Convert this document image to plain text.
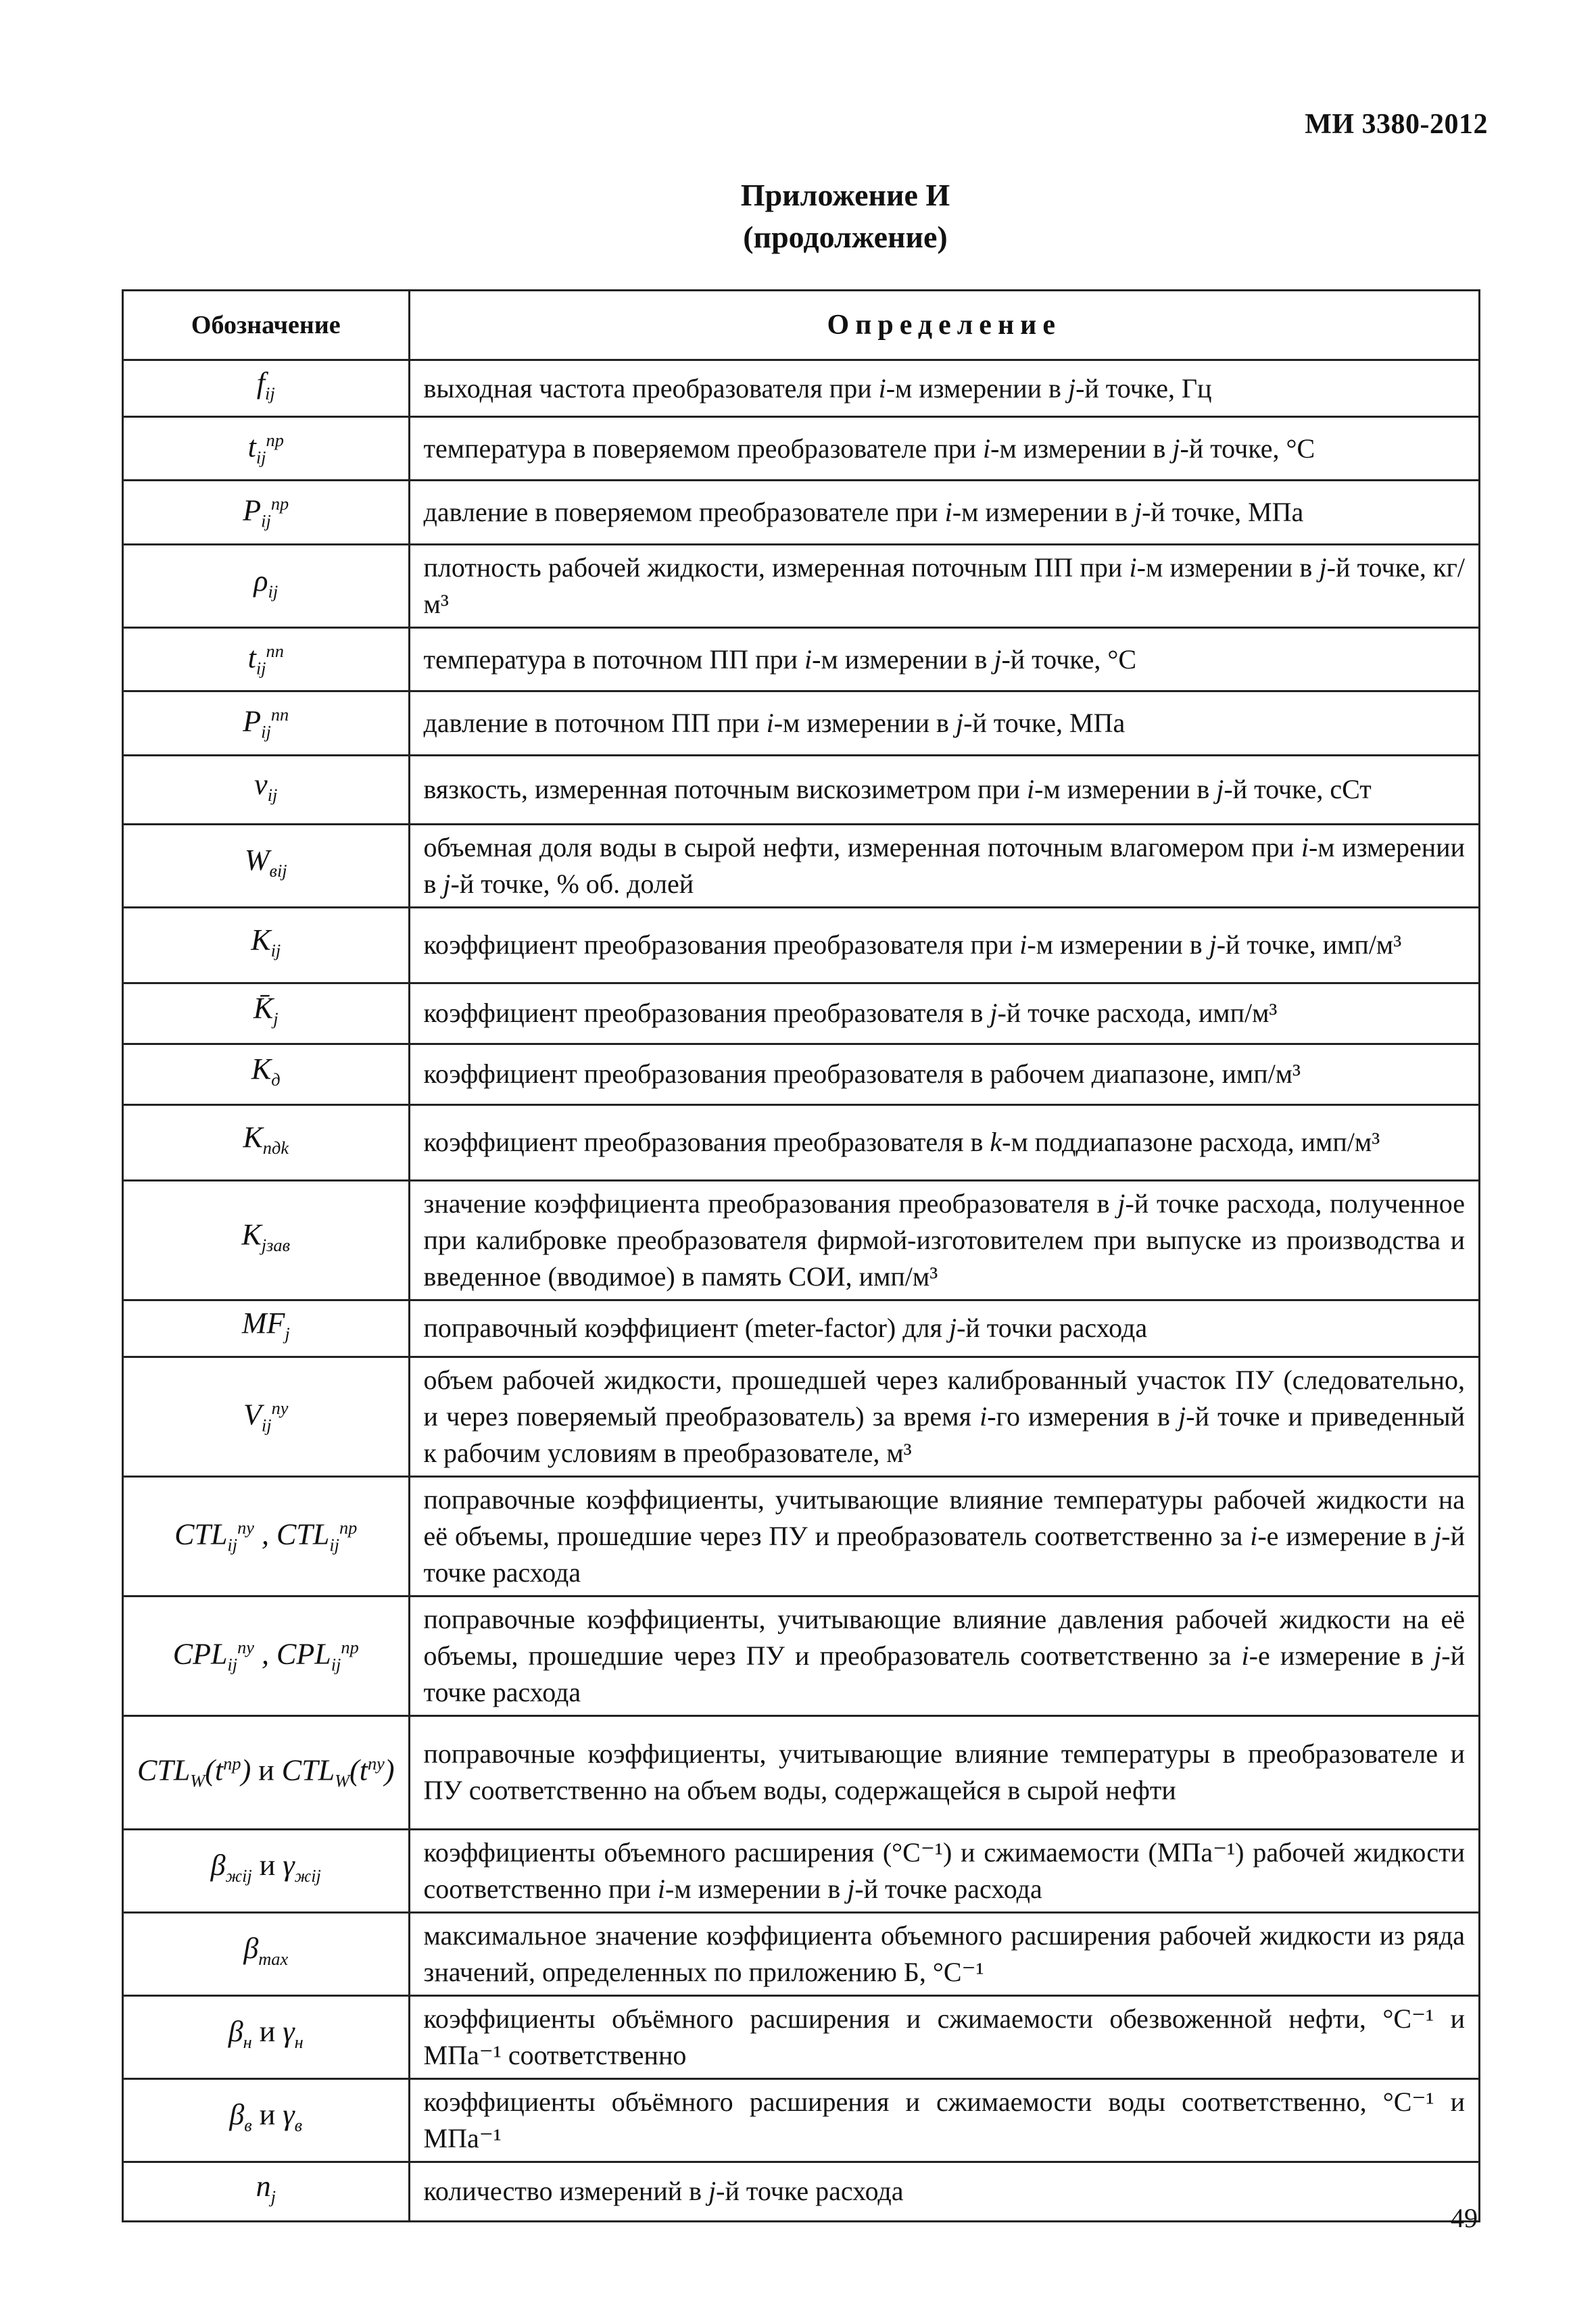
МИ 3380-2012
Приложение И
(продолжение)
Обозначение	Определение
$f_{ij}$	выходная частота преобразователя при i-м измерении в j-й точке, Гц
$t_{ij}^{пр}$	температура в поверяемом преобразователе при i-м измерении в j-й точке, °С
$P_{ij}^{пр}$	давление в поверяемом преобразователе при i-м измерении в j-й точке, МПа
$\rho_{ij}$	плотность рабочей жидкости, измеренная поточным ПП при i-м измерении в j-й точке, кг/м³
$t_{ij}^{пп}$	температура в поточном ПП при i-м измерении в j-й точке, °С
$P_{ij}^{пп}$	давление в поточном ПП при i-м измерении в j-й точке, МПа
$\nu_{ij}$	вязкость, измеренная поточным вискозиметром при i-м измерении в j-й точке, сСт
$W_{вij}$	объемная доля воды в сырой нефти, измеренная поточным влагомером при i-м измерении в j-й точке, % об. долей
$K_{ij}$	коэффициент преобразования преобразователя при i-м измерении в j-й точке, имп/м³
$K̄_j$	коэффициент преобразования преобразователя в j-й точке расхода, имп/м³
$K_д$	коэффициент преобразования преобразователя в рабочем диапазоне, имп/м³
$K_{пдk}$	коэффициент преобразования преобразователя в k-м поддиапазоне расхода, имп/м³
$K_{jзав}$	значение коэффициента преобразования преобразователя в j-й точке расхода, полученное при калибровке преобразователя фирмой-изготовителем при выпуске из производства и введенное (вводимое) в память СОИ, имп/м³
$MF_j$	поправочный коэффициент (meter-factor) для j-й точки расхода
$V_{ij}^{пу}$	объем рабочей жидкости, прошедшей через калиброванный участок ПУ (следовательно, и через поверяемый преобразователь) за время i-го измерения в j-й точке и приведенный к рабочим условиям в преобразователе, м³
$CTL_{ij}^{пу}$ , $CTL_{ij}^{пр}$	поправочные коэффициенты, учитывающие влияние температуры рабочей жидкости на её объемы, прошедшие через ПУ и преобразователь соответственно за i-е измерение в j-й точке расхода
$CPL_{ij}^{пу}$ , $CPL_{ij}^{пр}$	поправочные коэффициенты, учитывающие влияние давления рабочей жидкости на её объемы, прошедшие через ПУ и преобразователь соответственно за i-е измерение в j-й точке расхода
$CTL_W(t^{пр})$ и $CTL_W(t^{пу})$	поправочные коэффициенты, учитывающие влияние температуры в преобразователе и ПУ соответственно на объем воды, содержащейся в сырой нефти
$\beta_{жij}$ и $\gamma_{жij}$	коэффициенты объемного расширения (°С⁻¹) и сжимаемости (МПа⁻¹) рабочей жидкости соответственно при i-м измерении в j-й точке расхода
$\beta_{max}$	максимальное значение коэффициента объемного расширения рабочей жидкости из ряда значений, определенных по приложению Б, °С⁻¹
$\beta_н$ и $\gamma_н$	коэффициенты объёмного расширения и сжимаемости обезвоженной нефти, °С⁻¹ и МПа⁻¹ соответственно
$\beta_в$ и $\gamma_в$	коэффициенты объёмного расширения и сжимаемости воды соответственно, °С⁻¹ и МПа⁻¹
$n_j$	количество измерений в j-й точке расхода
49
